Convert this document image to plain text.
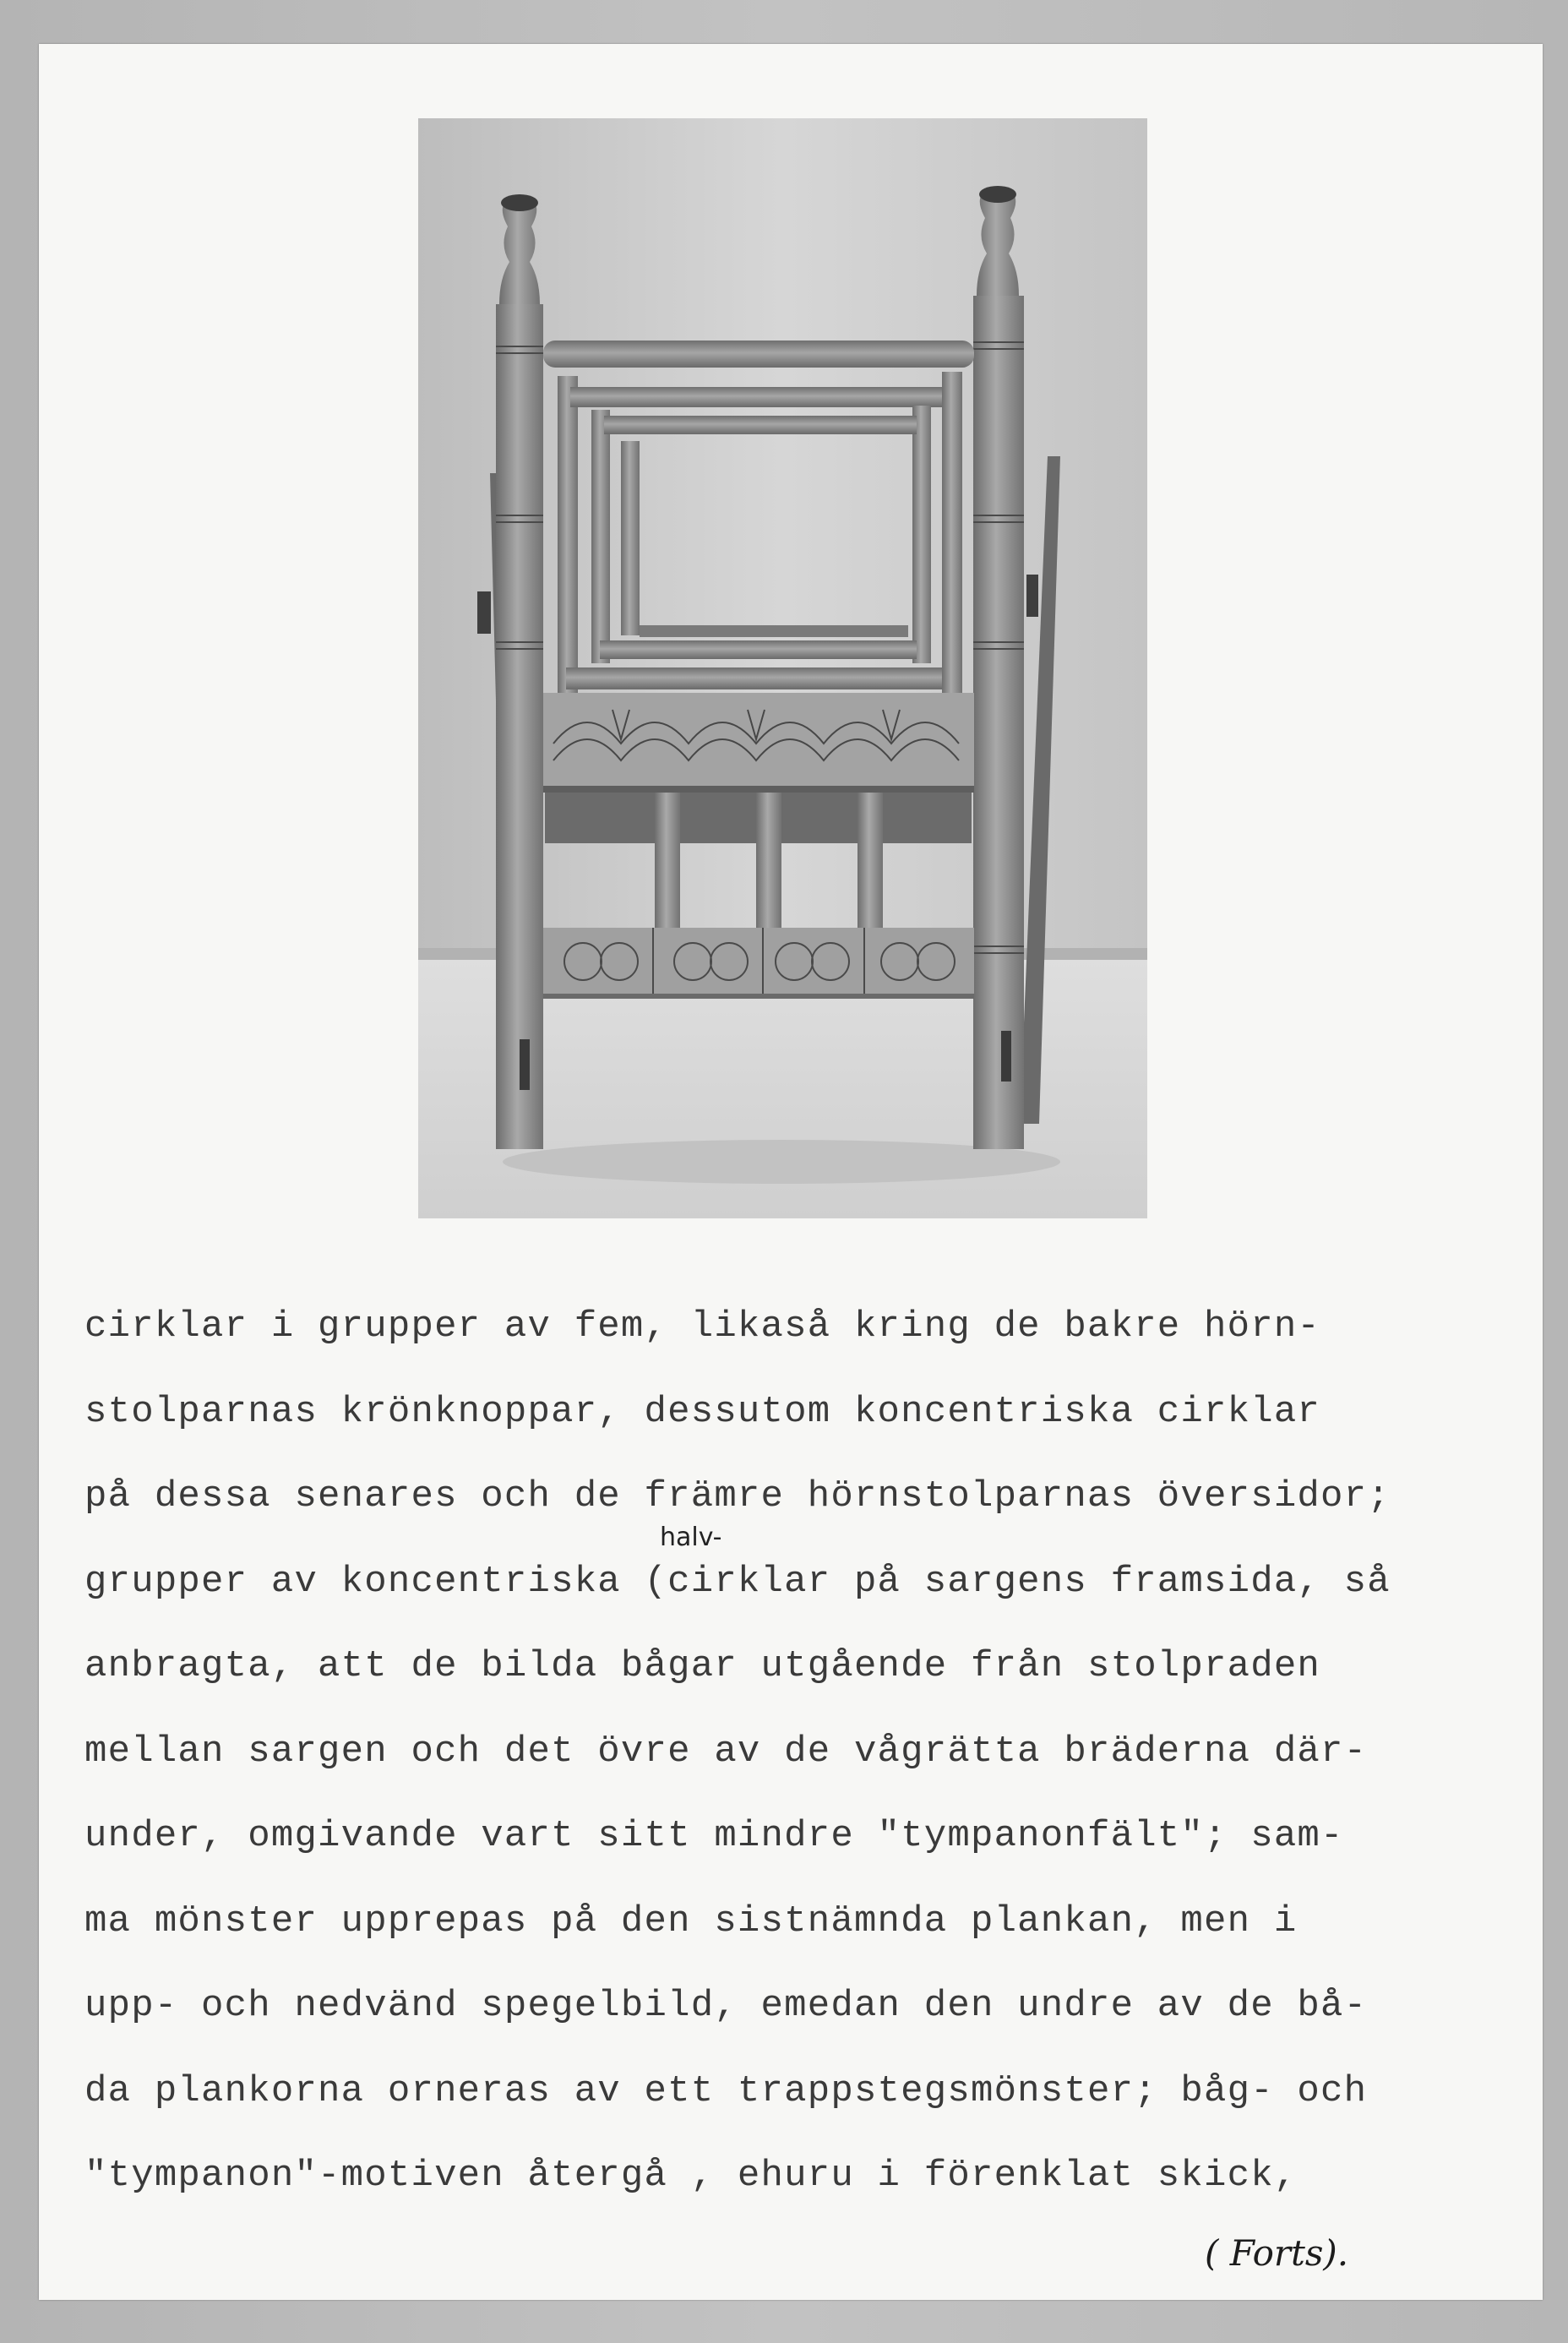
cirklar i grupper av fem, likaså kring de bakre hörn-
stolparnas krönknoppar, dessutom koncentriska cirklar
på dessa senares och de främre hörnstolparnas översidor;
grupper av koncentriska (cirklar på sargens framsida, så
anbragta, att de bilda bågar utgående från stolpraden
mellan sargen och det övre av de vågrätta bräderna där-
under, omgivande vart sitt mindre "tympanonfält"; sam-
ma mönster upprepas på den sistnämnda plankan, men i
upp- och nedvänd spegelbild, emedan den undre av de bå-
da plankorna orneras av ett trappstegsmönster; båg- och
"tympanon"-motiven återgå , ehuru i förenklat skick,
halv-
( Forts).
